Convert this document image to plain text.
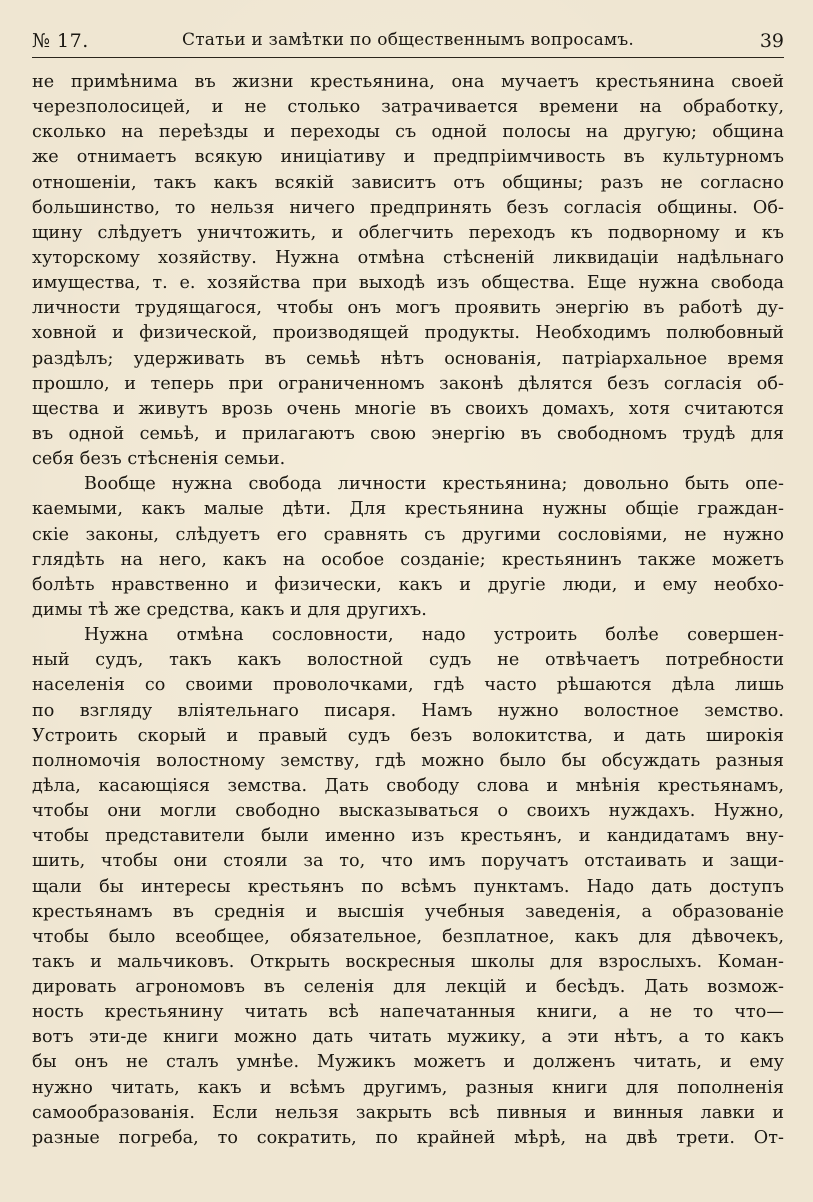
№ 17.	Статьи и замѣтки по общественнымъ вопросамъ.	39
не примѣнима въ жизни крестьянина, она мучаетъ крестьянина своей
черезполосицей, и не столько затрачивается времени на обработку,
сколько на переѣзды и переходы съ одной полосы на другую; община
же отнимаетъ всякую иниціативу и предпріимчивость въ культурномъ
отношеніи, такъ какъ всякій зависитъ отъ общины; разъ не согласно
большинство, то нельзя ничего предпринять безъ согласія общины. Об-
щину слѣдуетъ уничтожить, и облегчить переходъ къ подворному и къ
хуторскому хозяйству. Нужна отмѣна стѣсненій ликвидаціи надѣльнаго
имущества, т. е. хозяйства при выходѣ изъ общества. Еще нужна свобода
личности трудящагося, чтобы онъ могъ проявить энергію въ работѣ ду-
ховной и физической, производящей продукты. Необходимъ полюбовный
раздѣлъ; удерживать въ семьѣ нѣтъ основанія, патріархальное время
прошло, и теперь при ограниченномъ законѣ дѣлятся безъ согласія об-
щества и живутъ врозь очень многіе въ своихъ домахъ, хотя считаются
въ одной семьѣ, и прилагаютъ свою энергію въ свободномъ трудѣ для
себя безъ стѣсненія семьи.
Вообще нужна свобода личности крестьянина; довольно быть опе-
каемыми, какъ малые дѣти. Для крестьянина нужны общіе граждан-
скіе законы, слѣдуетъ его сравнять съ другими сословіями, не нужно
глядѣть на него, какъ на особое созданіе; крестьянинъ также можетъ
болѣть нравственно и физически, какъ и другіе люди, и ему необхо-
димы тѣ же средства, какъ и для другихъ.
Нужна отмѣна сословности, надо устроить болѣе совершен-
ный судъ, такъ какъ волостной судъ не отвѣчаетъ потребности
населенія со своими проволочками, гдѣ часто рѣшаются дѣла лишь
по взгляду вліятельнаго писаря. Намъ нужно волостное земство.
Устроить скорый и правый судъ безъ волокитства, и дать широкія
полномочія волостному земству, гдѣ можно было бы обсуждать разныя
дѣла, касающіяся земства. Дать свободу слова и мнѣнія крестьянамъ,
чтобы они могли свободно высказываться о своихъ нуждахъ. Нужно,
чтобы представители были именно изъ крестьянъ, и кандидатамъ вну-
шить, чтобы они стояли за то, что имъ поручатъ отстаивать и защи-
щали бы интересы крестьянъ по всѣмъ пунктамъ. Надо дать доступъ
крестьянамъ въ среднія и высшія учебныя заведенія, а образованіе
чтобы было всеобщее, обязательное, безплатное, какъ для дѣвочекъ,
такъ и мальчиковъ. Открыть воскресныя школы для взрослыхъ. Коман-
дировать агрономовъ въ селенія для лекцій и бесѣдъ. Дать возмож-
ность крестьянину читать всѣ напечатанныя книги, а не то что—
вотъ эти-де книги можно дать читать мужику, а эти нѣтъ, а то какъ
бы онъ не сталъ умнѣе. Мужикъ можетъ и долженъ читать, и ему
нужно читать, какъ и всѣмъ другимъ, разныя книги для пополненія
самообразованія. Если нельзя закрыть всѣ пивныя и винныя лавки и
разные погреба, то сократить, по крайней мѣрѣ, на двѣ трети. От-
